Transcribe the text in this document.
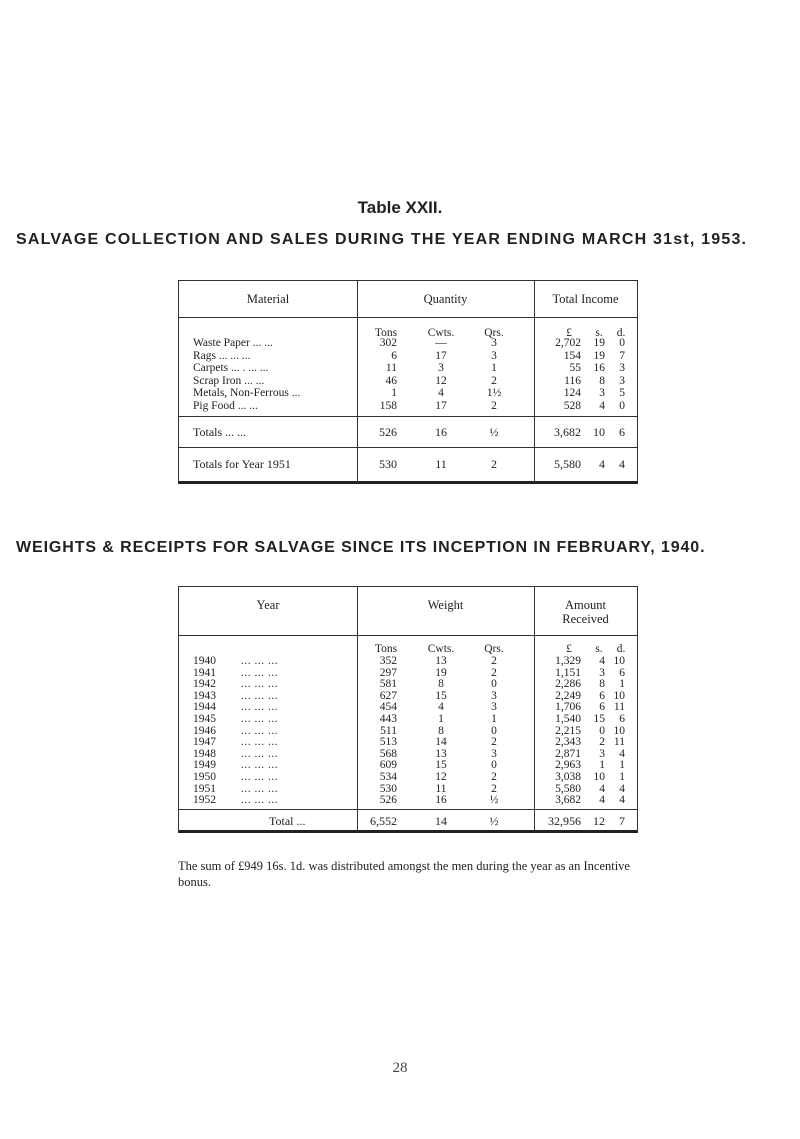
Table XXII.
SALVAGE COLLECTION AND SALES DURING THE YEAR ENDING MARCH 31st, 1953.
Material	Quantity	Total Income
Tons	Cwts.	Qrs.	£	s.	d.
Waste Paper ... ...	302	—	3	2,702	19	0
Rags ... ... ...	6	17	3	154	19	7
Carpets ... . ... ...	11	3	1	55	16	3
Scrap Iron ... ...	46	12	2	116	8	3
Metals, Non-Ferrous ...	1	4	1½	124	3	5
Pig Food ... ...	158	17	2	528	4	0
Totals ... ...	526	16	½	3,682	10	6
Totals for Year 1951	530	11	2	5,580	4	4
WEIGHTS & RECEIPTS FOR SALVAGE SINCE ITS INCEPTION IN FEBRUARY, 1940.
Year	Weight	Amount
Received
Tons	Cwts.	Qrs.	£	s.	d.
1940 ... ... ...	352	13	2	1,329	4 10
1941 ... ... ...	297	19	2	1,151	3	6
1942 ... ... ...	581	8	0	2,286	8	1
1943 ... ... ...	627	15	3	2,249	6 10
1944 ... ... ...	454	4	3	1,706	6 11
1945 ... ... ...	443	1	1	1,540	15	6
1946 ... ... ...	511	8	0	2,215	0 10
1947 ... ... ...	513	14	2	2,343	2 11
1948 ... ... ...	568	13	3	2,871	3	4
1949 ... ... ...	609	15	0	2,963	1	1
1950 ... ... ...	534	12	2	3,038	10	1
1951 ... ... ...	530	11	2	5,580	4	4
1952 ... ... ...	526	16	½	3,682	4	4
Total ...	6,552	14	½	32,956	12	7
The sum of £949 16s. 1d. was distributed amongst the men during the year as an Incentive bonus.
28
